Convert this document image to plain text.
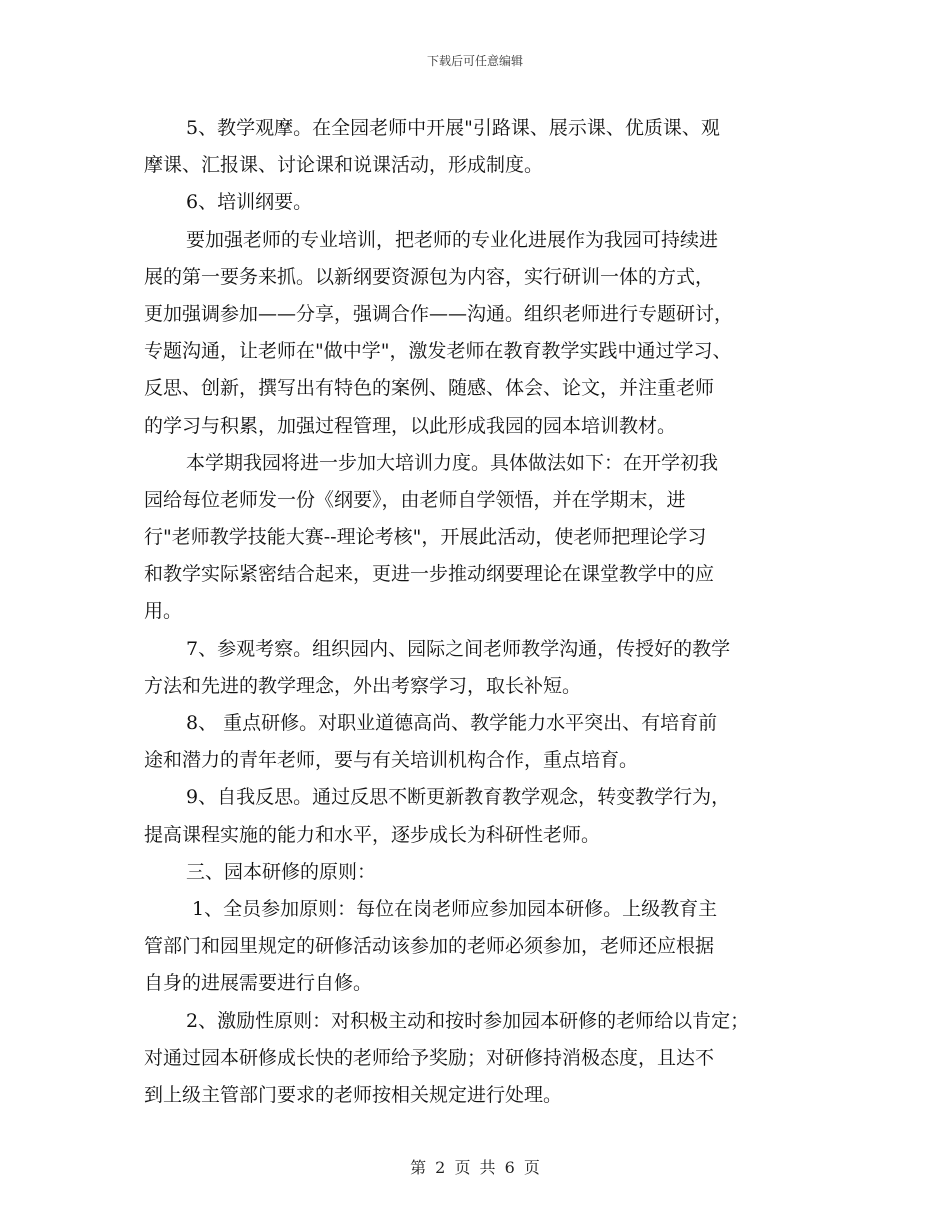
下载后可任意编辑
5、教学观摩。在全园老师中开展"引路课、展示课、优质课、观
摩课、汇报课、讨论课和说课活动，形成制度。
6、培训纲要。
要加强老师的专业培训，把老师的专业化进展作为我园可持续进
展的第一要务来抓。以新纲要资源包为内容，实行研训一体的方式，
更加强调参加——分享，强调合作——沟通。组织老师进行专题研讨，
专题沟通，让老师在"做中学"，激发老师在教育教学实践中通过学习、
反思、创新，撰写出有特色的案例、随感、体会、论文，并注重老师
的学习与积累，加强过程管理，以此形成我园的园本培训教材。
本学期我园将进一步加大培训力度。具体做法如下：在开学初我
园给每位老师发一份《纲要》，由老师自学领悟，并在学期末，进
行"老师教学技能大赛--理论考核"，开展此活动，使老师把理论学习
和教学实际紧密结合起来，更进一步推动纲要理论在课堂教学中的应
用。
7、参观考察。组织园内、园际之间老师教学沟通，传授好的教学
方法和先进的教学理念，外出考察学习，取长补短。
8、 重点研修。对职业道德高尚、教学能力水平突出、有培育前
途和潜力的青年老师，要与有关培训机构合作，重点培育。
9、自我反思。通过反思不断更新教育教学观念，转变教学行为，
提高课程实施的能力和水平，逐步成长为科研性老师。
三、园本研修的原则：
1、全员参加原则：每位在岗老师应参加园本研修。上级教育主
管部门和园里规定的研修活动该参加的老师必须参加，老师还应根据
自身的进展需要进行自修。
2、激励性原则：对积极主动和按时参加园本研修的老师给以肯定；
对通过园本研修成长快的老师给予奖励；对研修持消极态度，且达不
到上级主管部门要求的老师按相关规定进行处理。
第 2 页 共 6 页
